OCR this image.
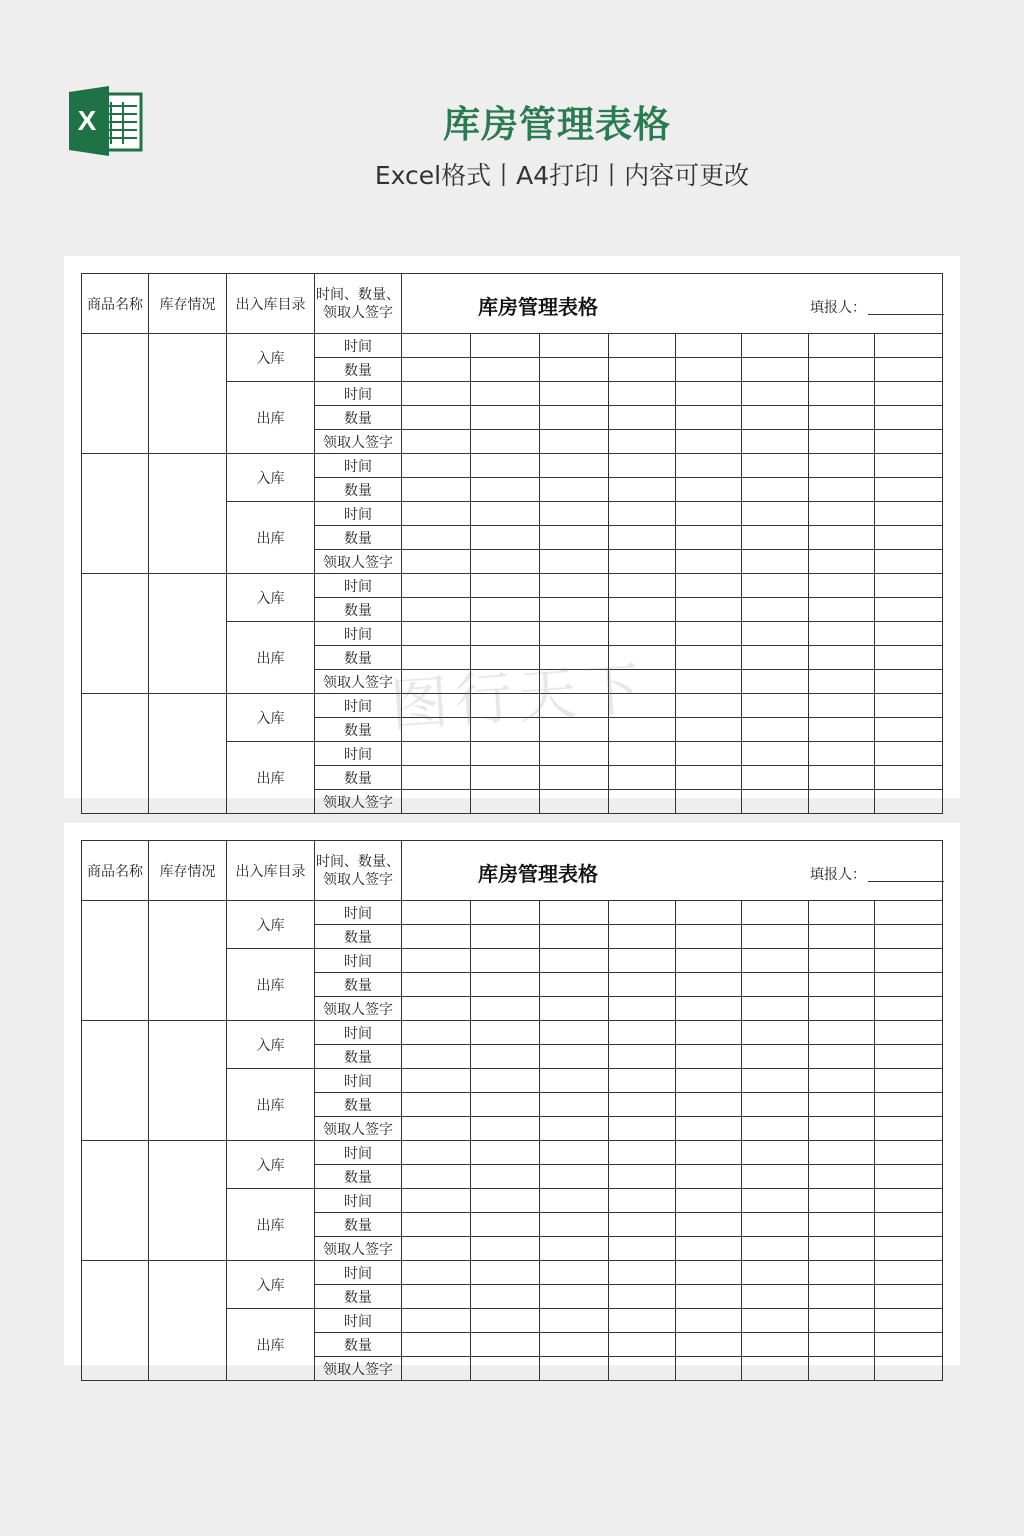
X	库房管理表格
Excel格式丨A4打印丨内容可更改
商品名称	库存情况	出入库目录	时间、数量、领取人签字	库房管理表格 填报人：							

		入库	时间								
			数量								
		出库	时间								
			数量								
			领取人签字								
		入库	时间								
			数量								
		出库	时间								
			数量								
			领取人签字								
		入库	时间								
			数量								
		出库	时间								
			数量								
			领取人签字								
		入库	时间								
			数量								
		出库	时间								
			数量								
			领取人签字								
商品名称	库存情况	出入库目录	时间、数量、领取人签字	库房管理表格 填报人：							

		入库	时间								
			数量								
		出库	时间								
			数量								
			领取人签字								
		入库	时间								
			数量								
		出库	时间								
			数量								
			领取人签字								
		入库	时间								
			数量								
		出库	时间								
			数量								
			领取人签字								
		入库	时间								
			数量								
		出库	时间								
			数量								
			领取人签字								
图行天下
